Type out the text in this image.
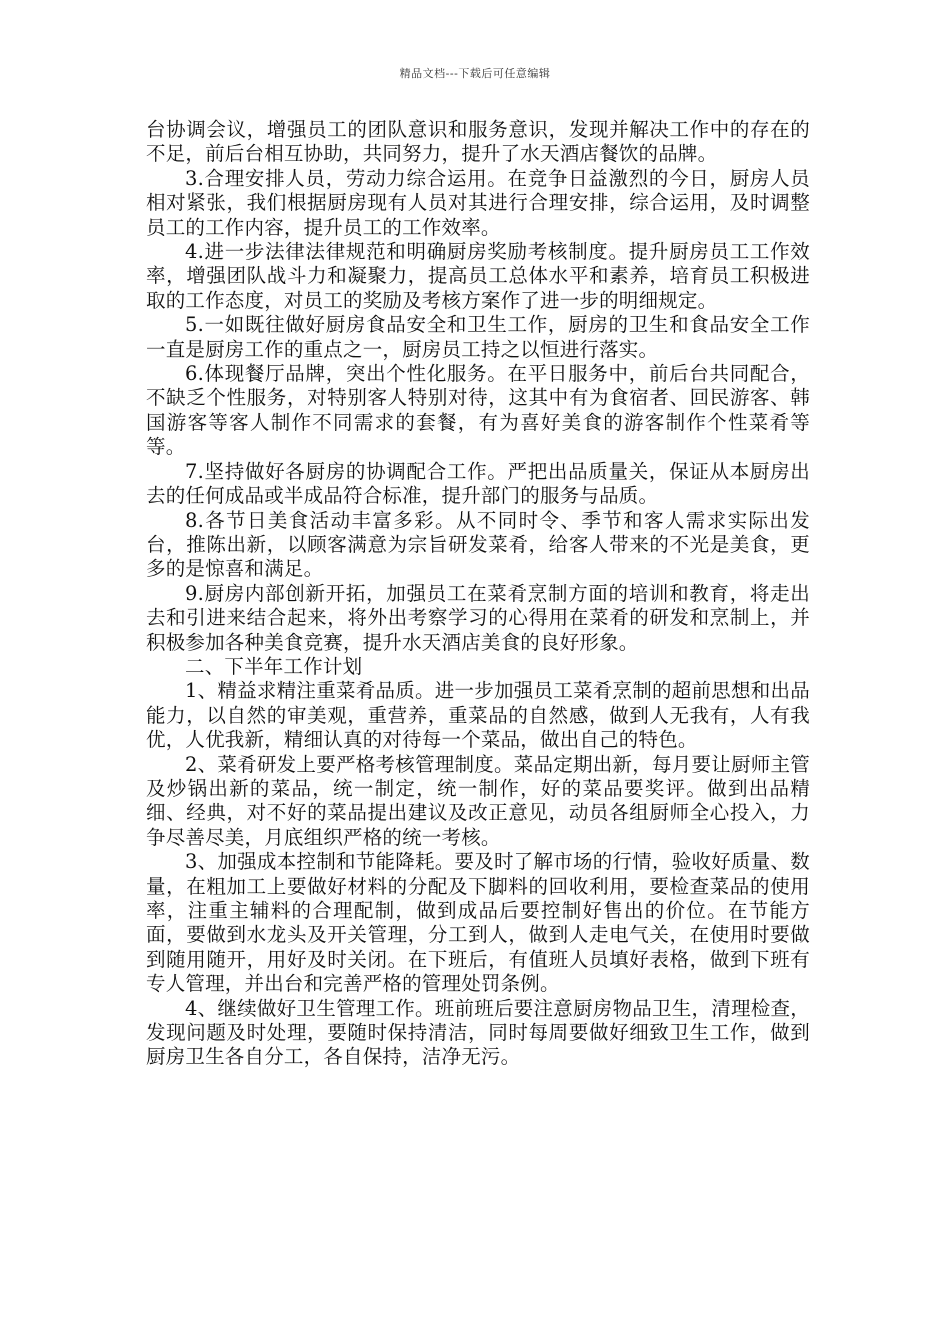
精品文档---下载后可任意编辑

台协调会议，增强员工的团队意识和服务意识，发现并解决工作中的存在的不足，前后台相互协助，共同努力，提升了水天酒店餐饮的品牌。

3.合理安排人员，劳动力综合运用。在竞争日益激烈的今日，厨房人员相对紧张，我们根据厨房现有人员对其进行合理安排，综合运用，及时调整员工的工作内容，提升员工的工作效率。

4.进一步法律法律规范和明确厨房奖励考核制度。提升厨房员工工作效率，增强团队战斗力和凝聚力，提高员工总体水平和素养，培育员工积极进取的工作态度，对员工的奖励及考核方案作了进一步的明细规定。

5.一如既往做好厨房食品安全和卫生工作，厨房的卫生和食品安全工作一直是厨房工作的重点之一，厨房员工持之以恒进行落实。

6.体现餐厅品牌，突出个性化服务。在平日服务中，前后台共同配合，不缺乏个性服务，对特别客人特别对待，这其中有为食宿者、回民游客、韩国游客等客人制作不同需求的套餐，有为喜好美食的游客制作个性菜肴等等。

7.坚持做好各厨房的协调配合工作。严把出品质量关，保证从本厨房出去的任何成品或半成品符合标准，提升部门的服务与品质。

8.各节日美食活动丰富多彩。从不同时令、季节和客人需求实际出发台，推陈出新，以顾客满意为宗旨研发菜肴，给客人带来的不光是美食，更多的是惊喜和满足。

9.厨房内部创新开拓，加强员工在菜肴烹制方面的培训和教育，将走出去和引进来结合起来，将外出考察学习的心得用在菜肴的研发和烹制上，并积极参加各种美食竞赛，提升水天酒店美食的良好形象。

二、下半年工作计划

1、精益求精注重菜肴品质。进一步加强员工菜肴烹制的超前思想和出品能力，以自然的审美观，重营养，重菜品的自然感，做到人无我有，人有我优，人优我新，精细认真的对待每一个菜品，做出自己的特色。

2、菜肴研发上要严格考核管理制度。菜品定期出新，每月要让厨师主管及炒锅出新的菜品，统一制定，统一制作，好的菜品要奖评。做到出品精细、经典，对不好的菜品提出建议及改正意见，动员各组厨师全心投入，力争尽善尽美，月底组织严格的统一考核。

3、加强成本控制和节能降耗。要及时了解市场的行情，验收好质量、数量，在粗加工上要做好材料的分配及下脚料的回收利用，要检查菜品的使用率，注重主辅料的合理配制，做到成品后要控制好售出的价位。在节能方面，要做到水龙头及开关管理，分工到人，做到人走电气关，在使用时要做到随用随开，用好及时关闭。在下班后，有值班人员填好表格，做到下班有专人管理，并出台和完善严格的管理处罚条例。

4、继续做好卫生管理工作。班前班后要注意厨房物品卫生，清理检查，发现问题及时处理，要随时保持清洁，同时每周要做好细致卫生工作，做到厨房卫生各自分工，各自保持，洁净无污。
